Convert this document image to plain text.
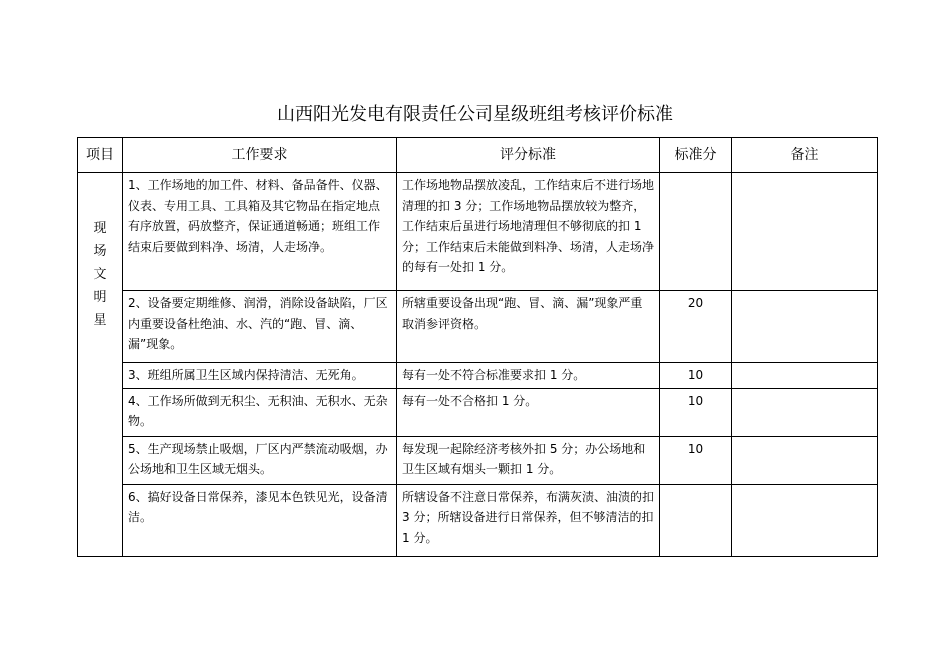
山西阳光发电有限责任公司星级班组考核评价标准
项目	工作要求	评分标准	标准分	备注

现
场
文
明
星	1、工作场地的加工件、材料、备品备件、仪器、仪表、专用工具、工具箱及其它物品在指定地点有序放置，码放整齐，保证通道畅通；班组工作结束后要做到料净、场清，人走场净。	工作场地物品摆放凌乱，工作结束后不进行场地清理的扣 3 分；工作场地物品摆放较为整齐，工作结束后虽进行场地清理但不够彻底的扣 1 分；工作结束后未能做到料净、场清，人走场净的每有一处扣 1 分。		
	2、设备要定期维修、润滑，消除设备缺陷，厂区内重要设备杜绝油、水、汽的“跑、冒、滴、漏”现象。	所辖重要设备出现“跑、冒、滴、漏”现象严重取消参评资格。	20	
	3、班组所属卫生区域内保持清洁、无死角。	每有一处不符合标准要求扣 1 分。	10	
	4、工作场所做到无积尘、无积油、无积水、无杂物。	每有一处不合格扣 1 分。	10	
	5、生产现场禁止吸烟，厂区内严禁流动吸烟，办公场地和卫生区域无烟头。	每发现一起除经济考核外扣 5 分；办公场地和卫生区域有烟头一颗扣 1 分。	10	
	6、搞好设备日常保养，漆见本色铁见光，设备清洁。	所辖设备不注意日常保养，布满灰渍、油渍的扣 3 分；所辖设备进行日常保养，但不够清洁的扣 1 分。		
